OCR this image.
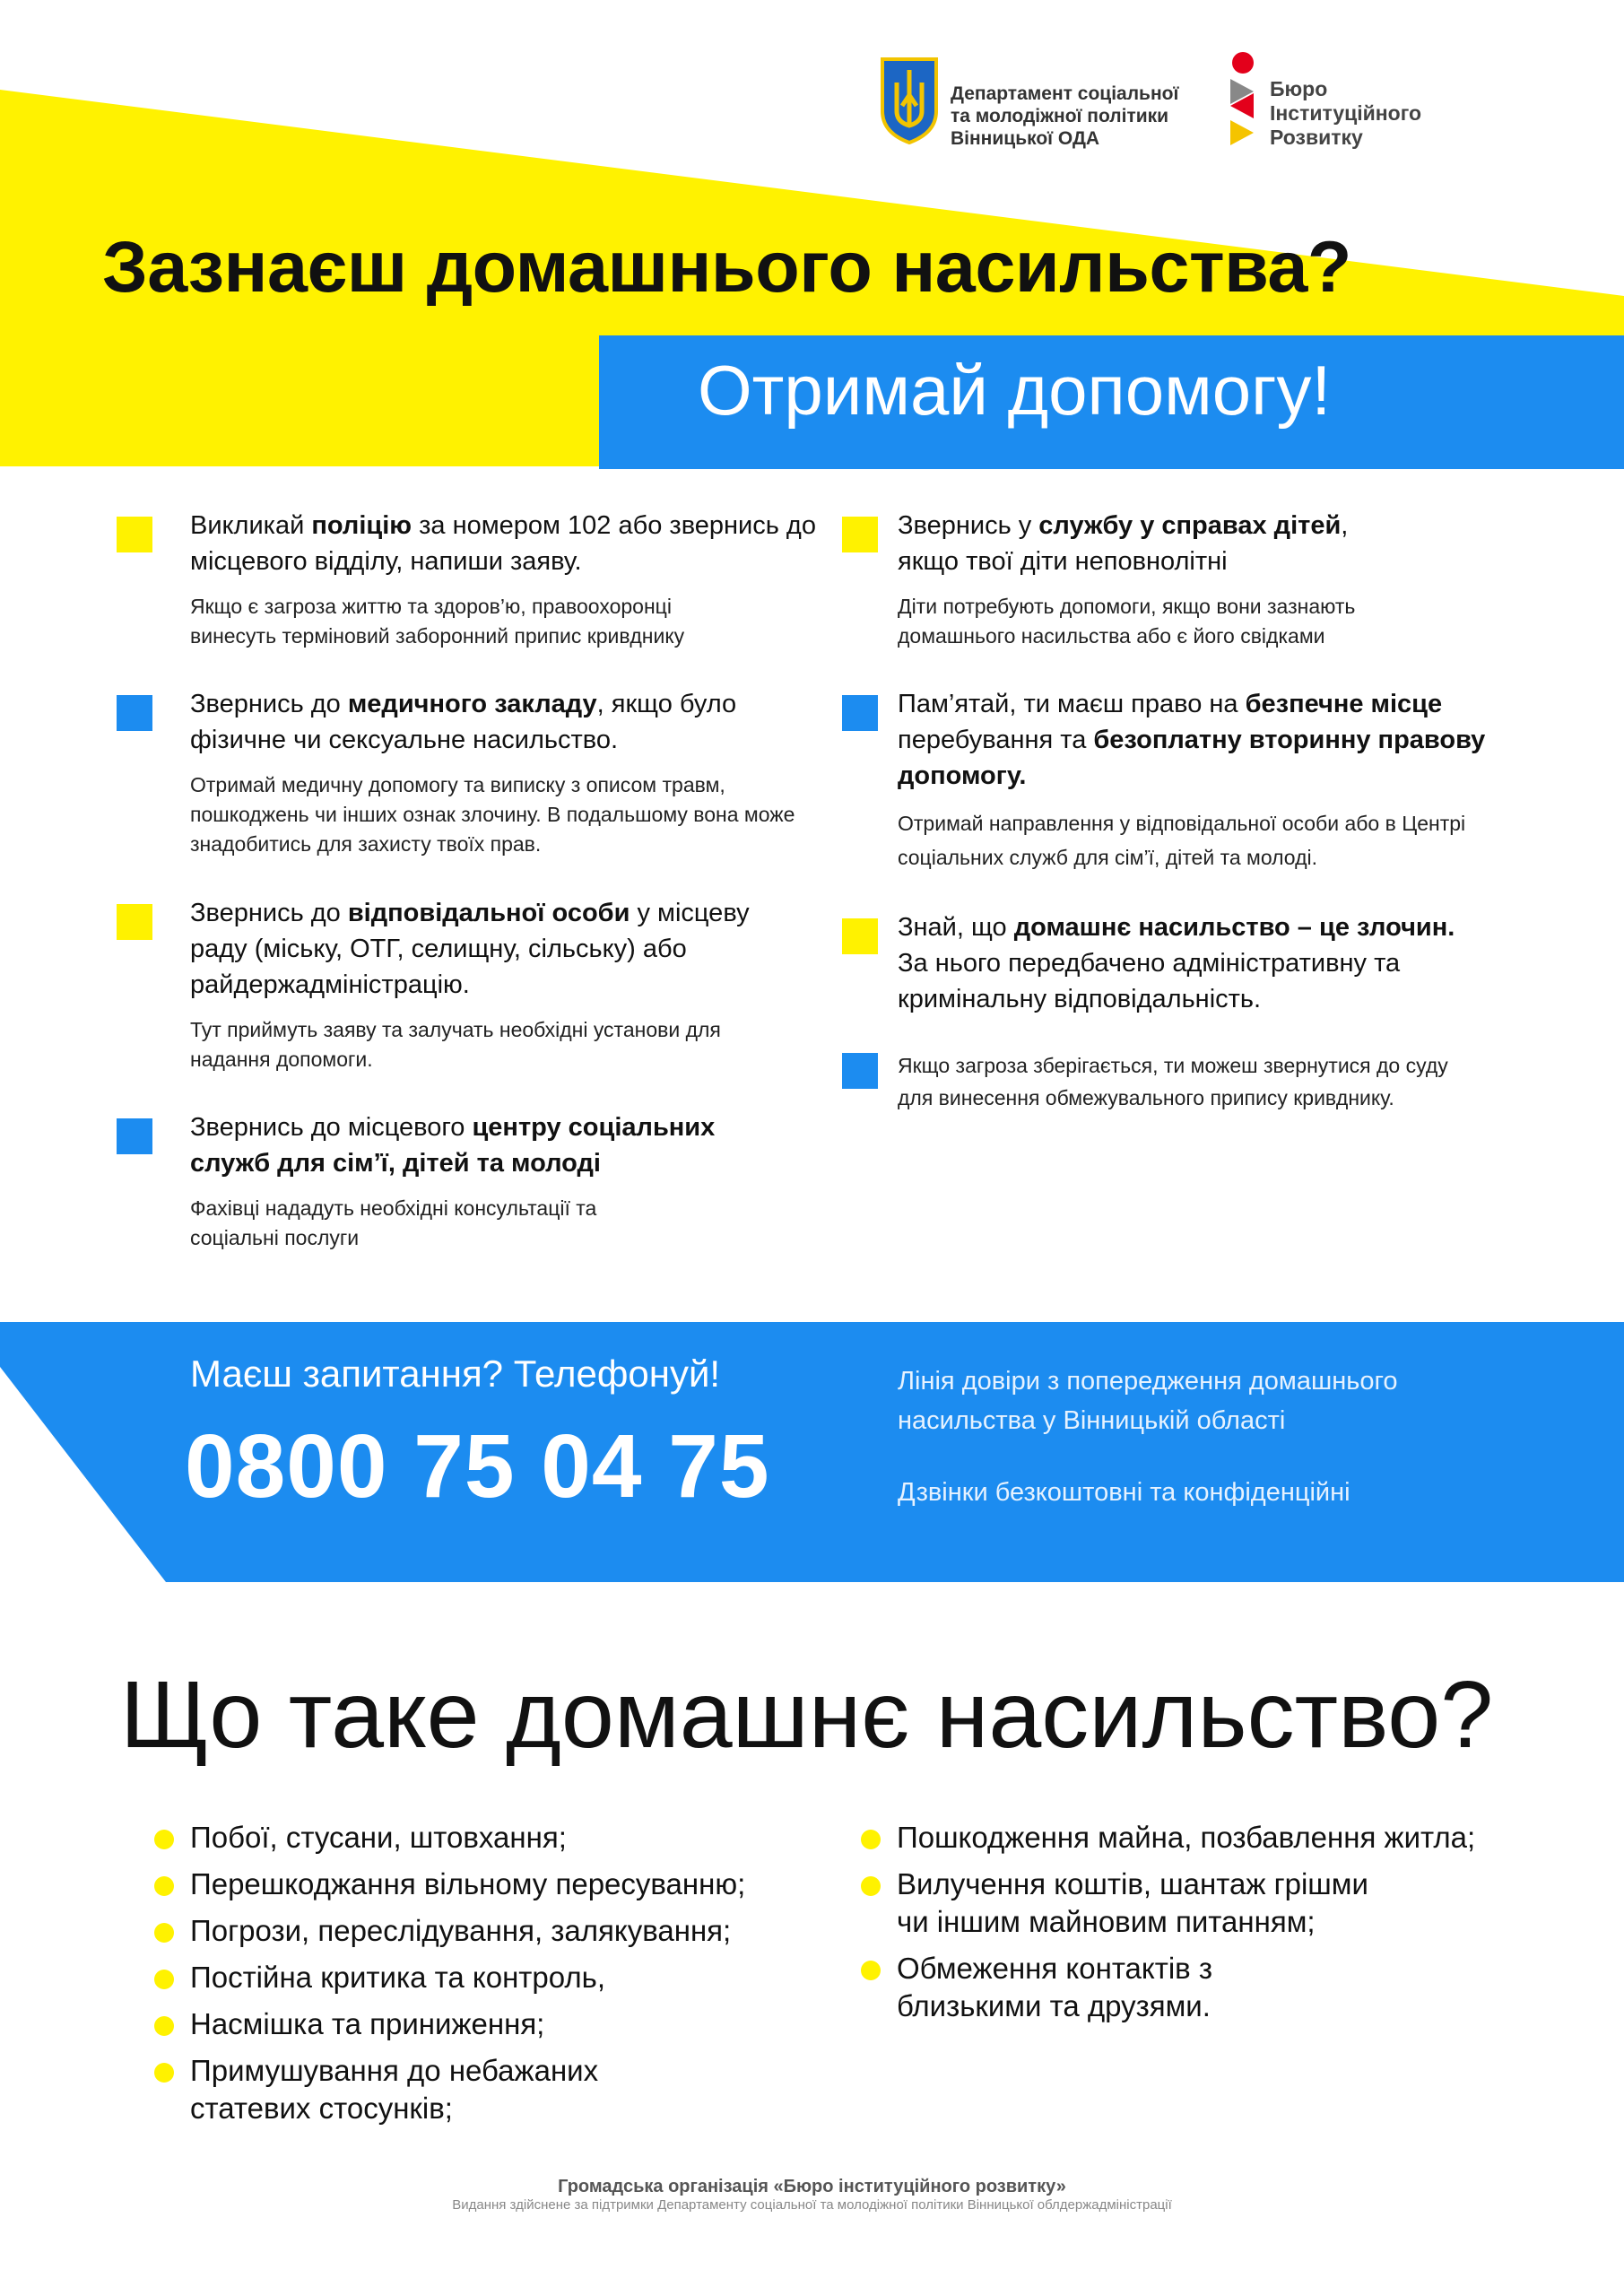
Департамент соціальної
та молодіжної політики
Вінницької ОДА
Бюро
Інституційного
Розвитку
Зазнаєш домашнього насильства?
Отримай допомогу!
Викликай поліцію за номером 102 або звернись до місцевого відділу, напиши заяву.
Якщо є загроза життю та здоров’ю, правоохоронці винесуть терміновий заборонний припис кривднику
Звернись до медичного закладу, якщо було фізичне чи сексуальне насильство.
Отримай медичну допомогу та виписку з описом травм, пошкоджень чи інших ознак злочину. В подальшому вона може знадобитись для захисту твоїх прав.
Звернись до відповідальної особи у місцеву раду (міську, ОТГ, селищну, сільську) або райдержадміністрацію.
Тут приймуть заяву та залучать необхідні установи для надання допомоги.
Звернись до місцевого центру соціальних служб для сім’ї, дітей та молоді
Фахівці нададуть необхідні консультації та соціальні послуги
Звернись у службу у справах дітей, якщо твої діти неповнолітні
Діти потребують допомоги, якщо вони зазнають домашнього насильства або є його свідками
Пам’ятай, ти маєш право на безпечне місце перебування та безоплатну вторинну правову допомогу.
Отримай направлення у відповідальної особи або в Центрі соціальних служб для сім’ї, дітей та молоді.
Знай, що домашнє насильство – це злочин. За нього передбачено адміністративну та кримінальну відповідальність.
Якщо загроза зберігається, ти можеш звернутися до суду для винесення обмежувального припису кривднику.
Маєш запитання? Телефонуй!
0800 75 04 75
Лінія довіри з попередження домашнього насильства у Вінницькій області
Дзвінки безкоштовні та конфіденційні
Що таке домашнє насильство?
Побої, стусани, штовхання;
Перешкоджання вільному пересуванню;
Погрози, переслідування, залякування;
Постійна критика та контроль,
Насмішка та приниження;
Примушування до небажаних статевих стосунків;
Пошкодження майна, позбавлення житла;
Вилучення коштів, шантаж грішми чи іншим майновим питанням;
Обмеження контактів з близькими та друзями.
Громадська організація «Бюро інституційного розвитку»
Видання здійснене за підтримки Департаменту соціальної та молодіжної політики Вінницької облдержадміністрації
